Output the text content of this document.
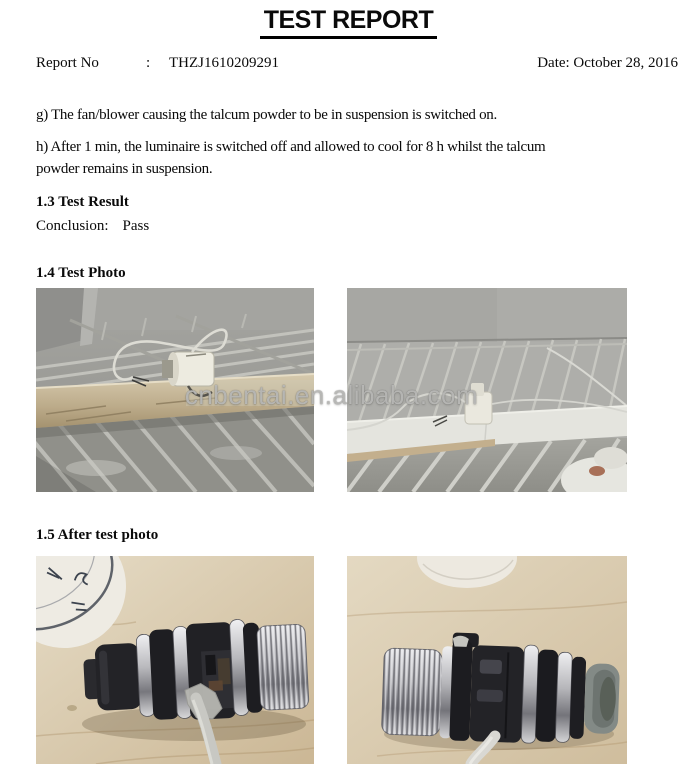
TEST REPORT
Report No	: THZJ1610209291	Date: October 28, 2016
g) The fan/blower causing the talcum powder to be in suspension is switched on.
h) After 1 min, the luminaire is switched off and allowed to cool for 8 h whilst the talcum powder remains in suspension.
1.3 Test Result
Conclusion: Pass
1.4 Test Photo
cnbentai.en.alibaba.com
1.5 After test photo
